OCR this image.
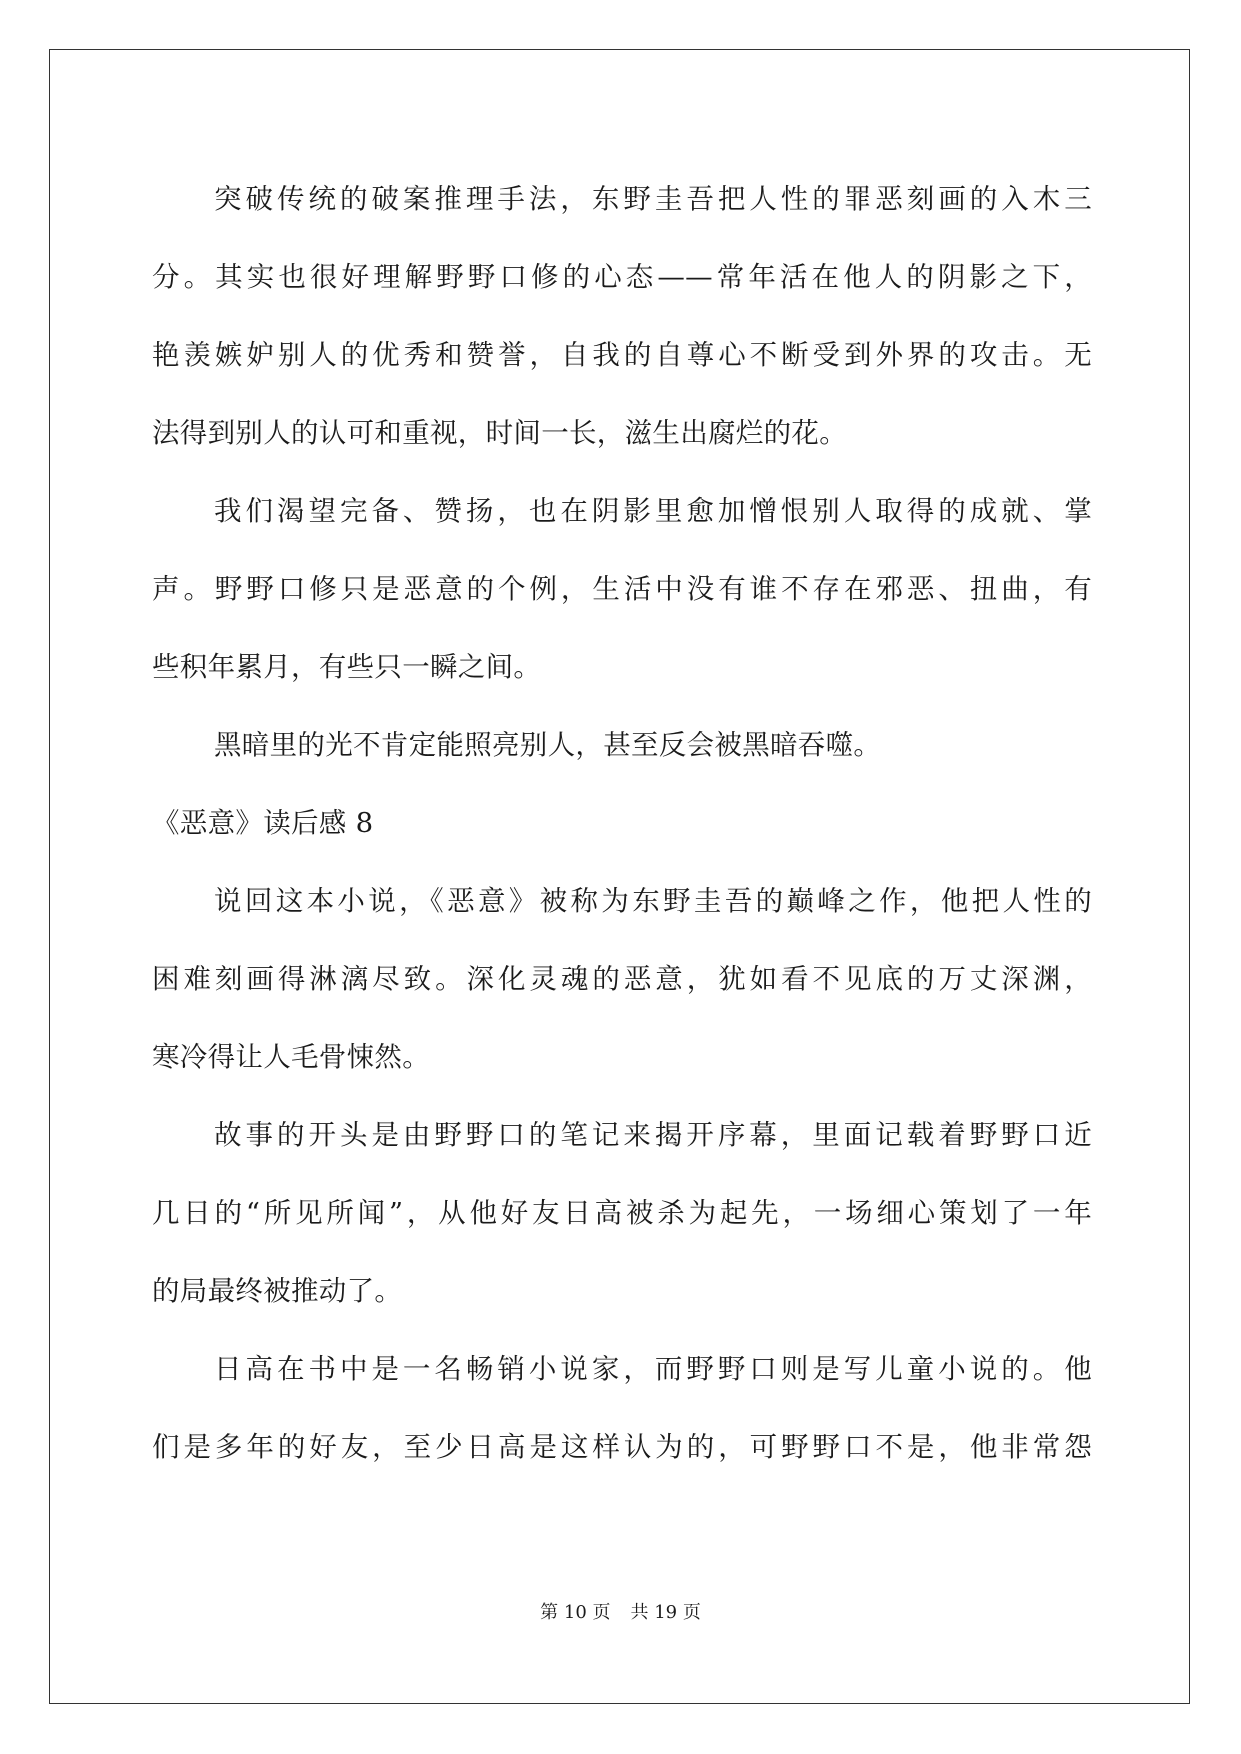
突破传统的破案推理手法，东野圭吾把人性的罪恶刻画的入木三
分。其实也很好理解野野口修的心态——常年活在他人的阴影之下，
艳羡嫉妒别人的优秀和赞誉，自我的自尊心不断受到外界的攻击。无
法得到别人的认可和重视，时间一长，滋生出腐烂的花。
我们渴望完备、赞扬，也在阴影里愈加憎恨别人取得的成就、掌
声。野野口修只是恶意的个例，生活中没有谁不存在邪恶、扭曲，有
些积年累月，有些只一瞬之间。
黑暗里的光不肯定能照亮别人，甚至反会被黑暗吞噬。
《恶意》读后感 8
说回这本小说，《恶意》被称为东野圭吾的巅峰之作，他把人性的
困难刻画得淋漓尽致。深化灵魂的恶意，犹如看不见底的万丈深渊，
寒冷得让人毛骨悚然。
故事的开头是由野野口的笔记来揭开序幕，里面记载着野野口近
几日的“所见所闻”，从他好友日高被杀为起先，一场细心策划了一年
的局最终被推动了。
日高在书中是一名畅销小说家，而野野口则是写儿童小说的。他
们是多年的好友，至少日高是这样认为的，可野野口不是，他非常怨
第 10 页 共 19 页
